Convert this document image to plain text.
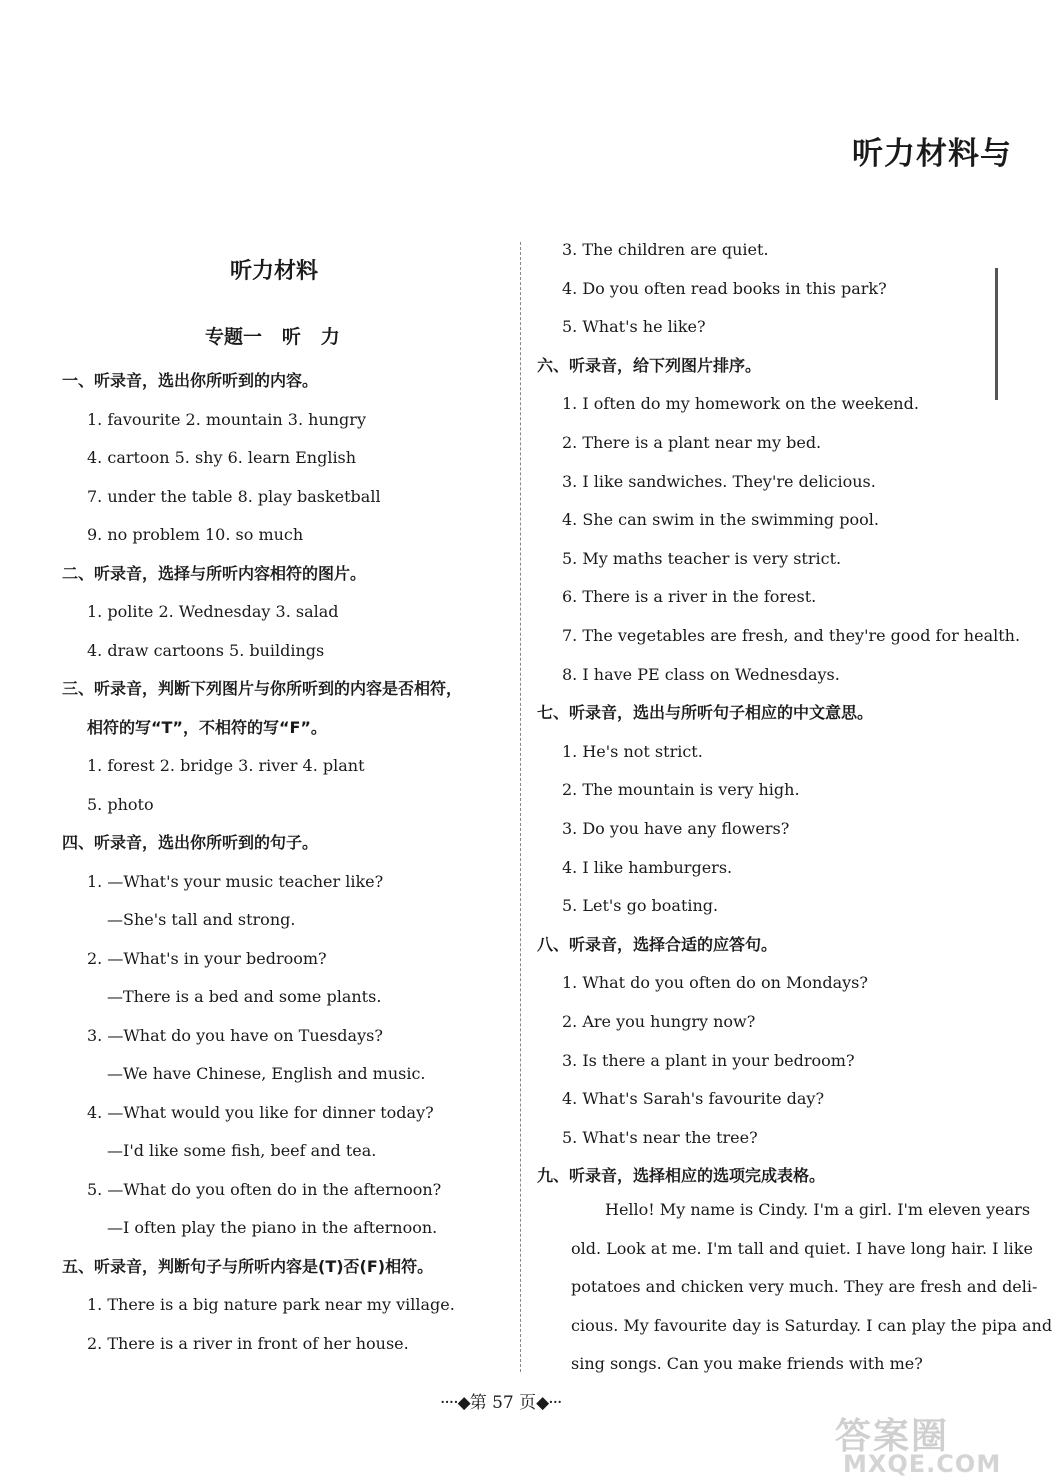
听力材料与
听力材料
专题一   听   力
一、听录音，选出你所听到的内容。
1. favourite 2. mountain 3. hungry
4. cartoon 5. shy 6. learn English
7. under the table 8. play basketball
9. no problem 10. so much
二、听录音，选择与所听内容相符的图片。
1. polite 2. Wednesday 3. salad
4. draw cartoons 5. buildings
三、听录音，判断下列图片与你所听到的内容是否相符，
相符的写“T”，不相符的写“F”。
1. forest 2. bridge 3. river 4. plant
5. photo
四、听录音，选出你所听到的句子。
1. —What's your music teacher like?
—She's tall and strong.
2. —What's in your bedroom?
—There is a bed and some plants.
3. —What do you have on Tuesdays?
—We have Chinese, English and music.
4. —What would you like for dinner today?
—I'd like some fish, beef and tea.
5. —What do you often do in the afternoon?
—I often play the piano in the afternoon.
五、听录音，判断句子与所听内容是(T)否(F)相符。
1. There is a big nature park near my village.
2. There is a river in front of her house.
3. The children are quiet.
4. Do you often read books in this park?
5. What's he like?
六、听录音，给下列图片排序。
1. I often do my homework on the weekend.
2. There is a plant near my bed.
3. I like sandwiches. They're delicious.
4. She can swim in the swimming pool.
5. My maths teacher is very strict.
6. There is a river in the forest.
7. The vegetables are fresh, and they're good for health.
8. I have PE class on Wednesdays.
七、听录音，选出与所听句子相应的中文意思。
1. He's not strict.
2. The mountain is very high.
3. Do you have any flowers?
4. I like hamburgers.
5. Let's go boating.
八、听录音，选择合适的应答句。
1. What do you often do on Mondays?
2. Are you hungry now?
3. Is there a plant in your bedroom?
4. What's Sarah's favourite day?
5. What's near the tree?
九、听录音，选择相应的选项完成表格。
Hello! My name is Cindy. I'm a girl. I'm eleven years
old. Look at me. I'm tall and quiet. I have long hair. I like
potatoes and chicken very much. They are fresh and deli-
cious. My favourite day is Saturday. I can play the pipa and
sing songs. Can you make friends with me?
····◆第 57 页◆···
答案圈
MXQE.COM
